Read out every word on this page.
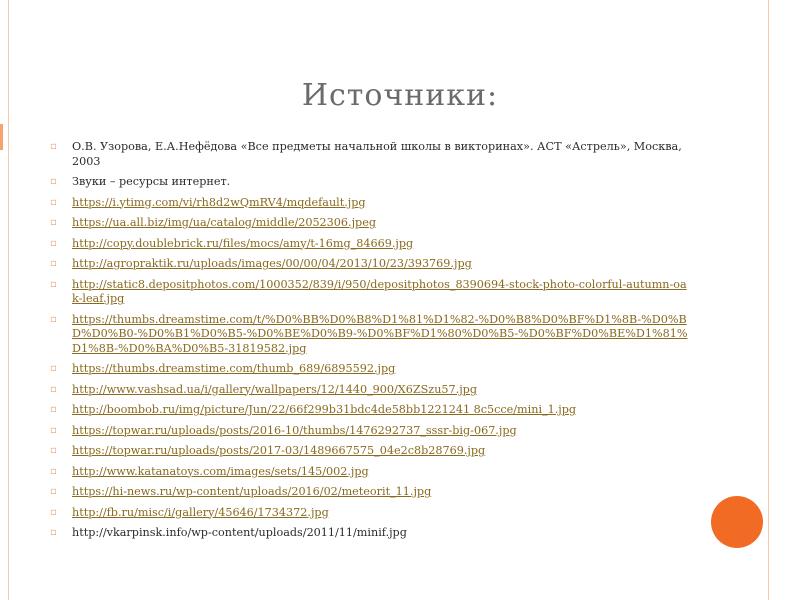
Источники:
▫ О.В. Узорова, Е.А.Нефёдова «Все предметы начальной школы в викторинах». АСТ «Астрель», Москва, 2003
▫ Звуки – ресурсы интернет.
▫ https://i.ytimg.com/vi/rh8d2wQmRV4/mqdefault.jpg
▫ https://ua.all.biz/img/ua/catalog/middle/2052306.jpeg
▫ http://copy.doublebrick.ru/files/mocs/amy/t-16mg_84669.jpg
▫ http://agropraktik.ru/uploads/images/00/00/04/2013/10/23/393769.jpg
▫ http://static8.depositphotos.com/1000352/839/i/950/depositphotos_8390694-stock-photo-colorful-autumn-oak-leaf.jpg
▫ https://thumbs.dreamstime.com/t/%D0%BB%D0%B8%D1%81%D1%82-%D0%B8%D0%BF%D1%8B-%D0%BD%D0%B0-%D0%B1%D0%B5-%D0%BE%D0%B9-%D0%BF%D1%80%D0%B5-%D0%BF%D0%BE%D1%81%D1%8B-%D0%BA%D0%B5-31819582.jpg
▫ https://thumbs.dreamstime.com/thumb_689/6895592.jpg
▫ http://www.vashsad.ua/i/gallery/wallpapers/12/1440_900/X6ZSzu57.jpg
▫ http://boombob.ru/img/picture/Jun/22/66f299b31bdc4de58bb1221241 8c5cce/mini_1.jpg
▫ https://topwar.ru/uploads/posts/2016-10/thumbs/1476292737_sssr-big-067.jpg
▫ https://topwar.ru/uploads/posts/2017-03/1489667575_04e2c8b28769.jpg
▫ http://www.katanatoys.com/images/sets/145/002.jpg
▫ https://hi-news.ru/wp-content/uploads/2016/02/meteorit_11.jpg
▫ http://fb.ru/misc/i/gallery/45646/1734372.jpg
▫ http://vkarpinsk.info/wp-content/uploads/2011/11/minif.jpg
